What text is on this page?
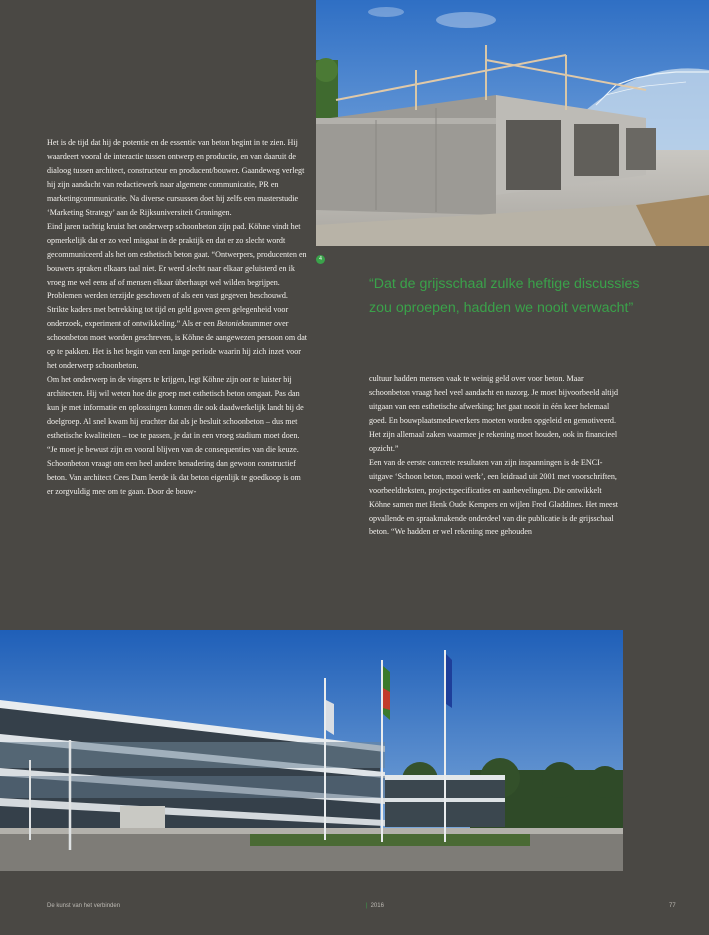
4
“Dat de grijsschaal zulke heftige discussies zou oproepen, hadden we nooit verwacht”

Het is de tijd dat hij de potentie en de essentie van beton begint in te zien. Hij waardeert vooral de interactie tussen ontwerp en productie, en van daaruit de dialoog tussen architect, constructeur en producent/bouwer. Gaandeweg verlegt hij zijn aandacht van redactiewerk naar algemene communicatie, PR en marketingcommunicatie. Na diverse cursussen doet hij zelfs een masterstudie ‘Marketing Strategy’ aan de Rijksuniversiteit Groningen.

Eind jaren tachtig kruist het onderwerp schoonbeton zijn pad. Köhne vindt het opmerkelijk dat er zo veel misgaat in de praktijk en dat er zo slecht wordt gecommuniceerd als het om esthetisch beton gaat. “Ontwerpers, producenten en bouwers spraken elkaars taal niet. Er werd slecht naar elkaar geluisterd en ik vroeg me wel eens af of mensen elkaar überhaupt wel wilden begrijpen. Problemen werden terzijde geschoven of als een vast gegeven beschouwd. Strikte kaders met betrekking tot tijd en geld gaven geen gelegenheid voor onderzoek, experiment of ontwikkeling.” Als er een Betonieknummer over schoonbeton moet worden geschreven, is Köhne de aangewezen persoon om dat op te pakken. Het is het begin van een lange periode waarin hij zich inzet voor het onderwerp schoonbeton.

Om het onderwerp in de vingers te krijgen, legt Köhne zijn oor te luister bij architecten. Hij wil weten hoe die groep met esthetisch beton omgaat. Pas dan kun je met informatie en oplossingen komen die ook daadwerkelijk landt bij de doelgroep. Al snel kwam hij erachter dat als je besluit schoonbeton – dus met esthetische kwaliteiten – toe te passen, je dat in een vroeg stadium moet doen. “Je moet je bewust zijn en vooral blijven van de consequenties van die keuze. Schoonbeton vraagt om een heel andere benadering dan gewoon constructief beton. Van architect Cees Dam leerde ik dat beton eigenlijk te goedkoop is om er zorgvuldig mee om te gaan. Door de bouw-

cultuur hadden mensen vaak te weinig geld over voor beton. Maar schoonbeton vraagt heel veel aandacht en nazorg. Je moet bijvoorbeeld altijd uitgaan van een esthetische afwerking; het gaat nooit in één keer helemaal goed. En bouwplaatsmedewerkers moeten worden opgeleid en gemotiveerd. Het zijn allemaal zaken waarmee je rekening moet houden, ook in financieel opzicht.”

Een van de eerste concrete resultaten van zijn inspanningen is de ENCI-uitgave ‘Schoon beton, mooi werk’, een leidraad uit 2001 met voorschriften, voorbeeldteksten, projectspecificaties en aanbevelingen. Die ontwikkelt Köhne samen met Henk Oude Kempers en wijlen Fred Gladdines. Het meest opvallende en spraakmakende onderdeel van die publicatie is de grijsschaal beton. “We hadden er wel rekening mee gehouden

De kunst van het verbinden	| 2016	77
